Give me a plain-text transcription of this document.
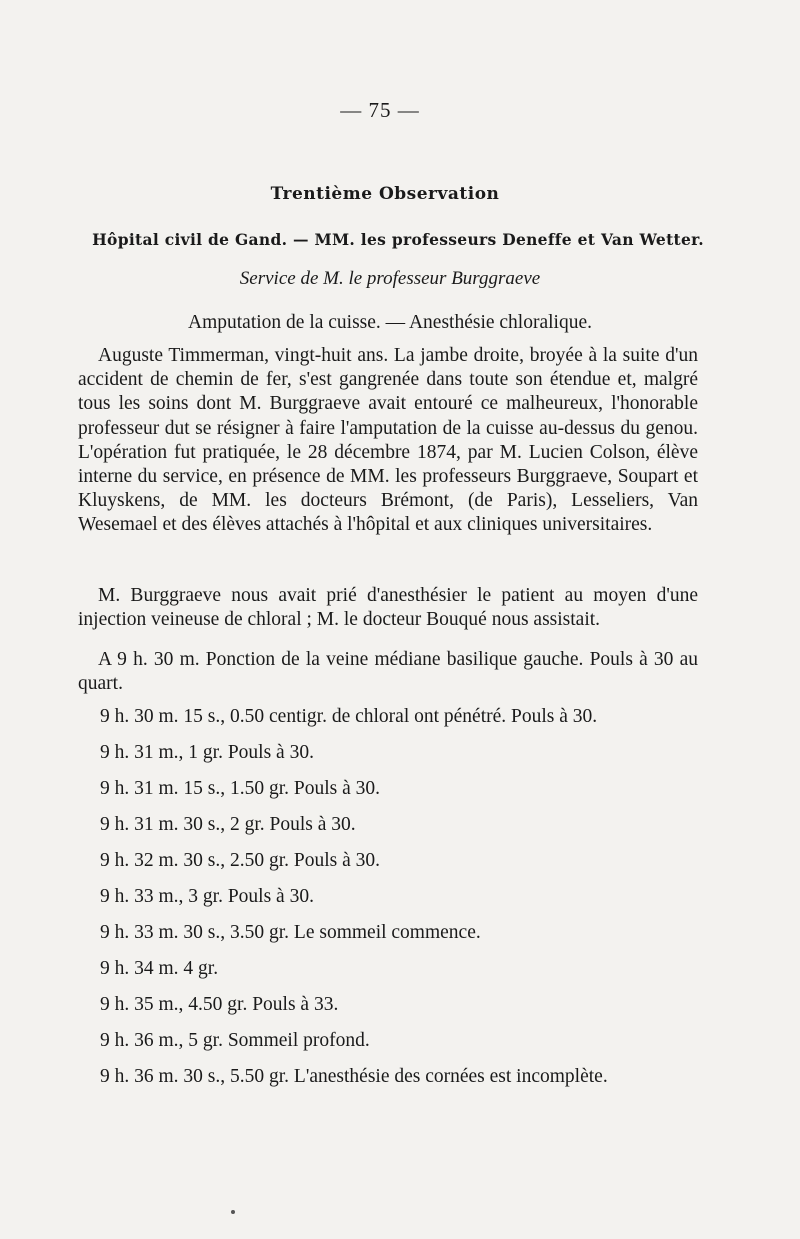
— 75 —
Trentième Observation
Hôpital civil de Gand. — MM. les professeurs Deneffe et Van Wetter.
Service de M. le professeur Burggraeve
Amputation de la cuisse. — Anesthésie chloralique.

Auguste Timmerman, vingt-huit ans. La jambe droite, broyée à la suite d'un accident de chemin de fer, s'est gangrenée dans toute son étendue et, malgré tous les soins dont M. Burggraeve avait entouré ce malheureux, l'honorable professeur dut se résigner à faire l'amputation de la cuisse au-dessus du genou. L'opération fut pratiquée, le 28 décembre 1874, par M. Lucien Colson, élève interne du service, en présence de MM. les professeurs Burggraeve, Soupart et Kluyskens, de MM. les docteurs Brémont, (de Paris), Lesseliers, Van Wesemael et des élèves attachés à l'hôpital et aux cliniques universitaires.

M. Burggraeve nous avait prié d'anesthésier le patient au moyen d'une injection veineuse de chloral ; M. le docteur Bouqué nous assistait.

A 9 h. 30 m. Ponction de la veine médiane basilique gauche. Pouls à 30 au quart.

9 h. 30 m. 15 s., 0.50 centigr. de chloral ont pénétré. Pouls à 30.

9 h. 31 m., 1 gr. Pouls à 30.

9 h. 31 m. 15 s., 1.50 gr. Pouls à 30.

9 h. 31 m. 30 s., 2 gr. Pouls à 30.

9 h. 32 m. 30 s., 2.50 gr. Pouls à 30.

9 h. 33 m., 3 gr. Pouls à 30.

9 h. 33 m. 30 s., 3.50 gr. Le sommeil commence.

9 h. 34 m. 4 gr.

9 h. 35 m., 4.50 gr. Pouls à 33.

9 h. 36 m., 5 gr. Sommeil profond.

9 h. 36 m. 30 s., 5.50 gr. L'anesthésie des cornées est incomplète.
